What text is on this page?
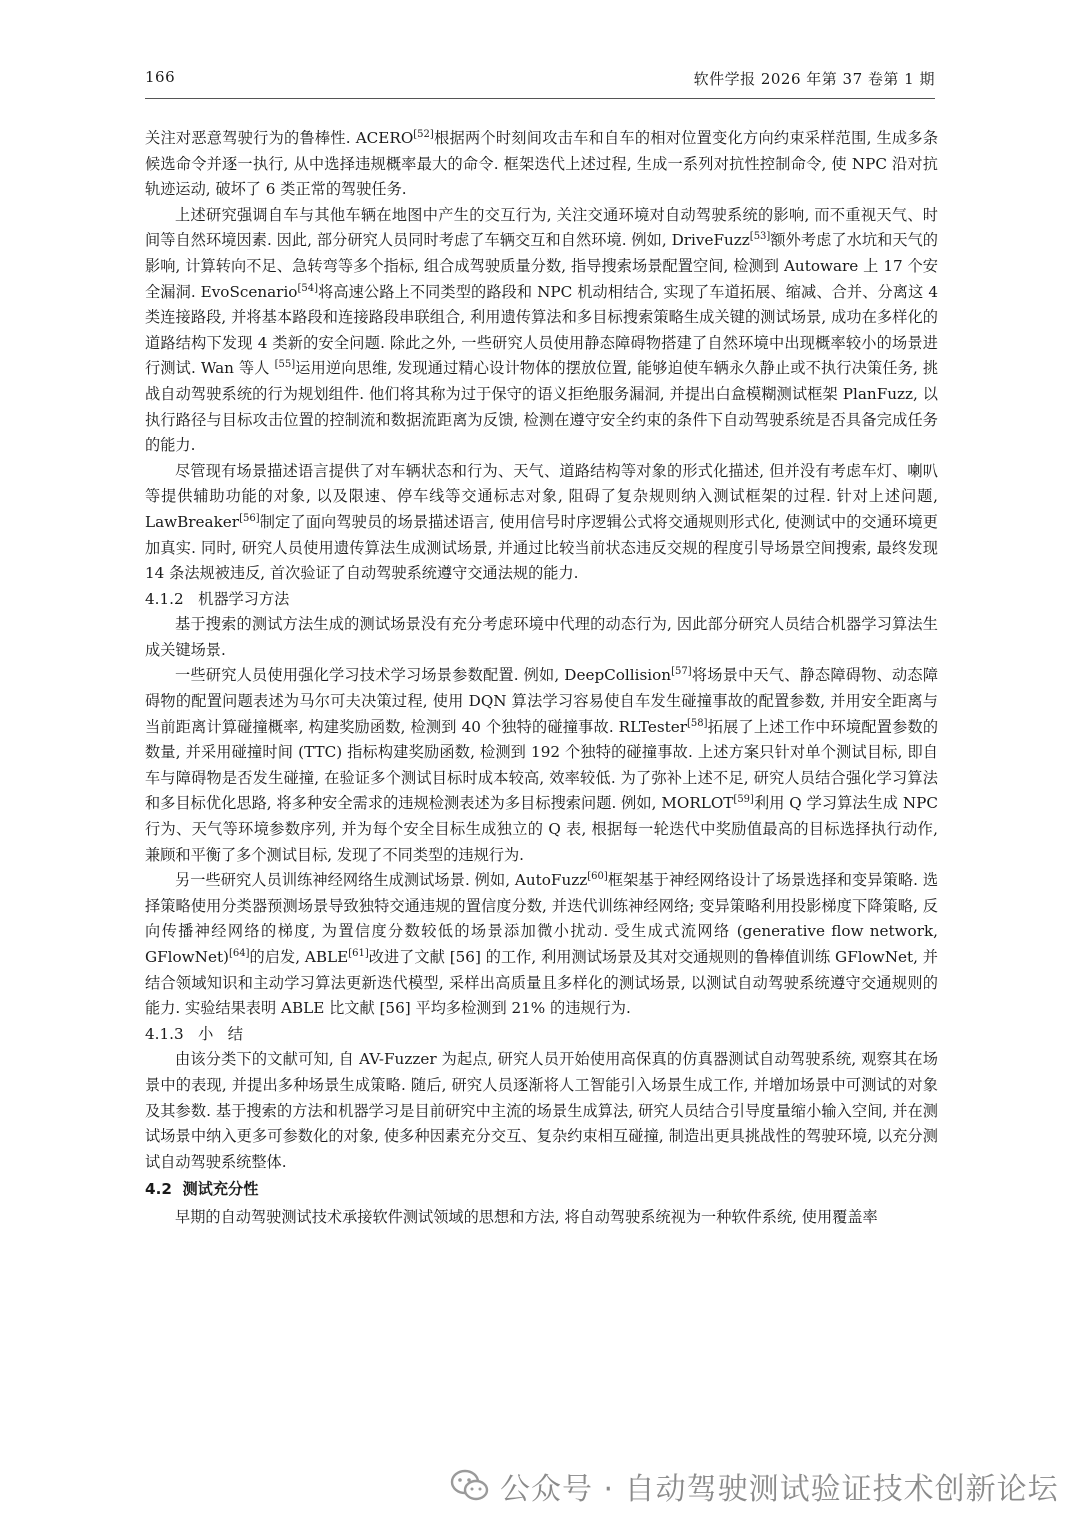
166	软件学报 2026 年第 37 卷第 1 期

关注对恶意驾驶行为的鲁棒性. ACERO[52]根据两个时刻间攻击车和自车的相对位置变化方向约束采样范围, 生成多条候选命令并逐一执行, 从中选择违规概率最大的命令. 框架迭代上述过程, 生成一系列对抗性控制命令, 使 NPC 沿对抗轨迹运动, 破坏了 6 类正常的驾驶任务.

上述研究强调自车与其他车辆在地图中产生的交互行为, 关注交通环境对自动驾驶系统的影响, 而不重视天气、时间等自然环境因素. 因此, 部分研究人员同时考虑了车辆交互和自然环境. 例如, DriveFuzz[53]额外考虑了水坑和天气的影响, 计算转向不足、急转弯等多个指标, 组合成驾驶质量分数, 指导搜索场景配置空间, 检测到 Autoware 上 17 个安全漏洞. EvoScenario[54]将高速公路上不同类型的路段和 NPC 机动相结合, 实现了车道拓展、缩减、合并、分离这 4 类连接路段, 并将基本路段和连接路段串联组合, 利用遗传算法和多目标搜索策略生成关键的测试场景, 成功在多样化的道路结构下发现 4 类新的安全问题. 除此之外, 一些研究人员使用静态障碍物搭建了自然环境中出现概率较小的场景进行测试. Wan 等人 [55]运用逆向思维, 发现通过精心设计物体的摆放位置, 能够迫使车辆永久静止或不执行决策任务, 挑战自动驾驶系统的行为规划组件. 他们将其称为过于保守的语义拒绝服务漏洞, 并提出白盒模糊测试框架 PlanFuzz, 以执行路径与目标攻击位置的控制流和数据流距离为反馈, 检测在遵守安全约束的条件下自动驾驶系统是否具备完成任务的能力.

尽管现有场景描述语言提供了对车辆状态和行为、天气、道路结构等对象的形式化描述, 但并没有考虑车灯、喇叭等提供辅助功能的对象, 以及限速、停车线等交通标志对象, 阻碍了复杂规则纳入测试框架的过程. 针对上述问题, LawBreaker[56]制定了面向驾驶员的场景描述语言, 使用信号时序逻辑公式将交通规则形式化, 使测试中的交通环境更加真实. 同时, 研究人员使用遗传算法生成测试场景, 并通过比较当前状态违反交规的程度引导场景空间搜索, 最终发现 14 条法规被违反, 首次验证了自动驾驶系统遵守交通法规的能力.

4.1.2   机器学习方法

基于搜索的测试方法生成的测试场景没有充分考虑环境中代理的动态行为, 因此部分研究人员结合机器学习算法生成关键场景.

一些研究人员使用强化学习技术学习场景参数配置. 例如, DeepCollision[57]将场景中天气、静态障碍物、动态障碍物的配置问题表述为马尔可夫决策过程, 使用 DQN 算法学习容易使自车发生碰撞事故的配置参数, 并用安全距离与当前距离计算碰撞概率, 构建奖励函数, 检测到 40 个独特的碰撞事故. RLTester[58]拓展了上述工作中环境配置参数的数量, 并采用碰撞时间 (TTC) 指标构建奖励函数, 检测到 192 个独特的碰撞事故. 上述方案只针对单个测试目标, 即自车与障碍物是否发生碰撞, 在验证多个测试目标时成本较高, 效率较低. 为了弥补上述不足, 研究人员结合强化学习算法和多目标优化思路, 将多种安全需求的违规检测表述为多目标搜索问题. 例如, MORLOT[59]利用 Q 学习算法生成 NPC 行为、天气等环境参数序列, 并为每个安全目标生成独立的 Q 表, 根据每一轮迭代中奖励值最高的目标选择执行动作, 兼顾和平衡了多个测试目标, 发现了不同类型的违规行为.

另一些研究人员训练神经网络生成测试场景. 例如, AutoFuzz[60]框架基于神经网络设计了场景选择和变异策略. 选择策略使用分类器预测场景导致独特交通违规的置信度分数, 并迭代训练神经网络; 变异策略利用投影梯度下降策略, 反向传播神经网络的梯度, 为置信度分数较低的场景添加微小扰动. 受生成式流网络 (generative flow network, GFlowNet)[64]的启发, ABLE[61]改进了文献 [56] 的工作, 利用测试场景及其对交通规则的鲁棒值训练 GFlowNet, 并结合领域知识和主动学习算法更新迭代模型, 采样出高质量且多样化的测试场景, 以测试自动驾驶系统遵守交通规则的能力. 实验结果表明 ABLE 比文献 [56] 平均多检测到 21% 的违规行为.

4.1.3   小   结

由该分类下的文献可知, 自 AV-Fuzzer 为起点, 研究人员开始使用高保真的仿真器测试自动驾驶系统, 观察其在场景中的表现, 并提出多种场景生成策略. 随后, 研究人员逐渐将人工智能引入场景生成工作, 并增加场景中可测试的对象及其参数. 基于搜索的方法和机器学习是目前研究中主流的场景生成算法, 研究人员结合引导度量缩小输入空间, 并在测试场景中纳入更多可参数化的对象, 使多种因素充分交互、复杂约束相互碰撞, 制造出更具挑战性的驾驶环境, 以充分测试自动驾驶系统整体.

4.2  测试充分性

早期的自动驾驶测试技术承接软件测试领域的思想和方法, 将自动驾驶系统视为一种软件系统, 使用覆盖率

公众号 · 自动驾驶测试验证技术创新论坛
